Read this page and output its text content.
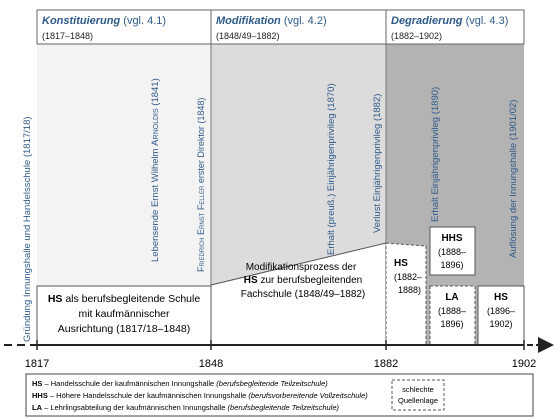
Konstituierung (vgl. 4.1)
(1817–1848)
Modifikation (vgl. 4.2)
(1848/49–1882)
Degradierung (vgl. 4.3)
(1882–1902)
Gründung Innungshalle und Handelsschule (1817/18)	Lebensende Ernst Wilhelm Arnoldis (1841)
Friedrich Ernst Feller erster Direktor (1848)	Erhalt (preuß.) Einjährigenprivileg (1870)	Verlust Einjährigenprivileg (1882)	Erhalt Einjährigenprivileg (1890)	Auflösung der Innungshalle (1901/02)
HS als berufsbegleitende Schule
mit kaufmännischer
Ausrichtung (1817/18–1848)
Modifikationsprozess der
HS zur berufsbegleitenden
Fachschule (1848/49–1882)
HS
(1882–
1888)
HHS
(1888–
1896)
LA
(1888–
1896)
HS
(1896–
1902)
1817	1848	1882	1902
HS – Handelsschule der kaufmännischen Innungshalle (berufsbegleitende Teilzeitschule)
HHS – Höhere Handelsschule der kaufmännischen Innungshalle (berufsvorbereitende Vollzeitschule)
LA – Lehrlingsabteilung der kaufmännischen Innungshalle (berufsbegleitende Teilzeitschule)
schlechte
Quellenlage
